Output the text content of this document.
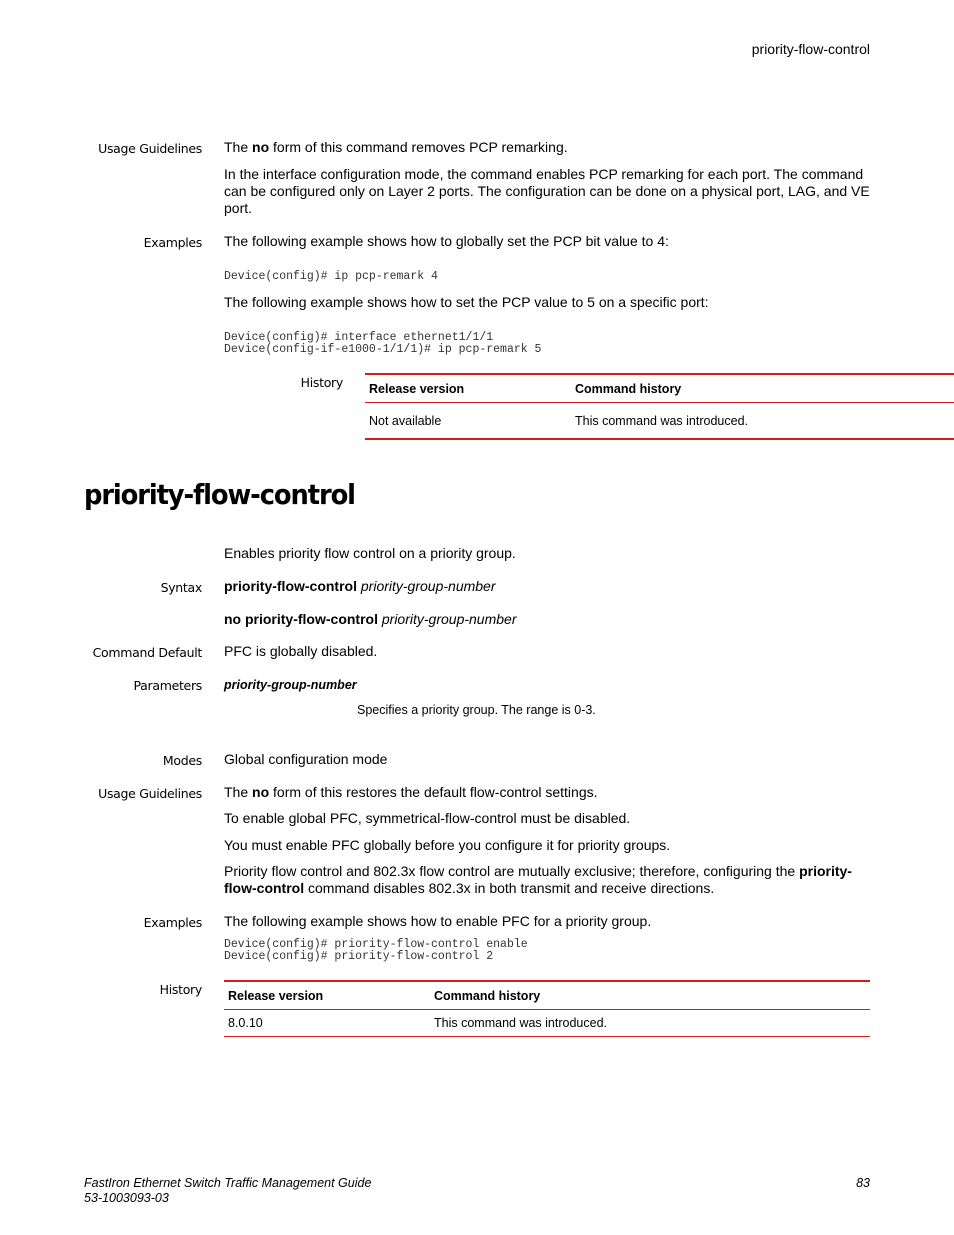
priority-flow-control
Usage Guidelines The no form of this command removes PCP remarking.
In the interface configuration mode, the command enables PCP remarking for each port. The command can be configured only on Layer 2 ports. The configuration can be done on a physical port, LAG, and VE port.
Examples The following example shows how to globally set the PCP bit value to 4:
Device(config)# ip pcp-remark 4
The following example shows how to set the PCP value to 5 on a specific port:
Device(config)# interface ethernet1/1/1
Device(config-if-e1000-1/1/1)# ip pcp-remark 5
History Release version	Command history
Not available	This command was introduced.
priority-flow-control
Enables priority flow control on a priority group.
Syntax priority-flow-control priority-group-number
no priority-flow-control priority-group-number
Command Default PFC is globally disabled.
Parameters priority-group-number
Specifies a priority group. The range is 0-3.
Modes Global configuration mode
Usage Guidelines The no form of this restores the default flow-control settings.
To enable global PFC, symmetrical-flow-control must be disabled.
You must enable PFC globally before you configure it for priority groups.
Priority flow control and 802.3x flow control are mutually exclusive; therefore, configuring the priority-flow-control command disables 802.3x in both transmit and receive directions.
Examples The following example shows how to enable PFC for a priority group.
Device(config)# priority-flow-control enable
Device(config)# priority-flow-control 2
History Release version	Command history
8.0.10	This command was introduced.
FastIron Ethernet Switch Traffic Management Guide
53-1003093-03
83
